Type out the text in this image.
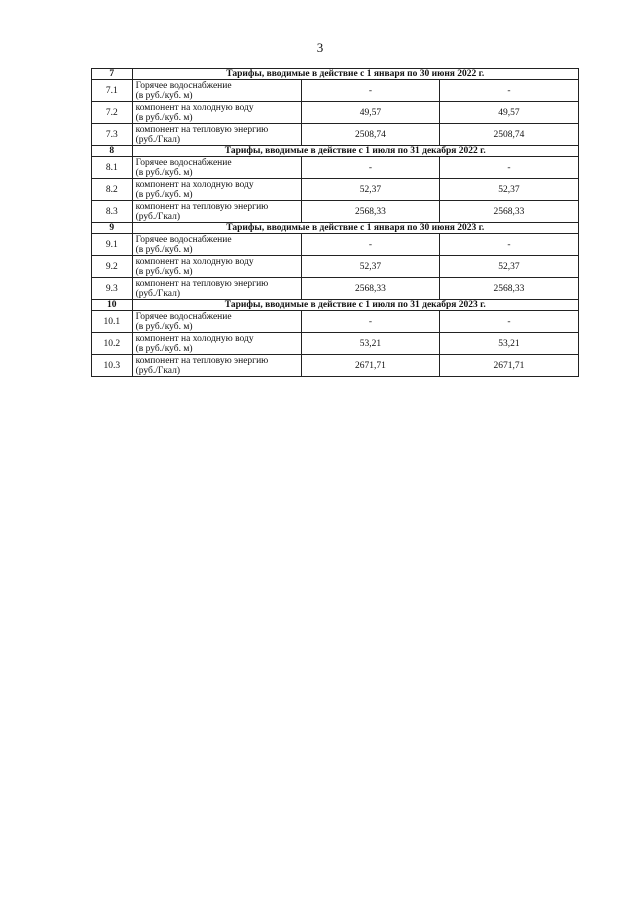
3
7	Тарифы, вводимые в действие с 1 января по 30 июня 2022 г.		
7.1	Горячее водоснабжение
(в руб./куб. м)	-	-
7.2	компонент на холодную воду
(в руб./куб. м)	49,57	49,57
7.3	компонент на тепловую энергию
(руб./Гкал)	2508,74	2508,74
8	Тарифы, вводимые в действие с 1 июля по 31 декабря 2022 г.		
8.1	Горячее водоснабжение
(в руб./куб. м)	-	-
8.2	компонент на холодную воду
(в руб./куб. м)	52,37	52,37
8.3	компонент на тепловую энергию
(руб./Гкал)	2568,33	2568,33
9	Тарифы, вводимые в действие с 1 января по 30 июня 2023 г.		
9.1	Горячее водоснабжение
(в руб./куб. м)	-	-
9.2	компонент на холодную воду
(в руб./куб. м)	52,37	52,37
9.3	компонент на тепловую энергию
(руб./Гкал)	2568,33	2568,33
10	Тарифы, вводимые в действие с 1 июля по 31 декабря 2023 г.		
10.1	Горячее водоснабжение
(в руб./куб. м)	-	-
10.2	компонент на холодную воду
(в руб./куб. м)	53,21	53,21
10.3	компонент на тепловую энергию
(руб./Гкал)	2671,71	2671,71
